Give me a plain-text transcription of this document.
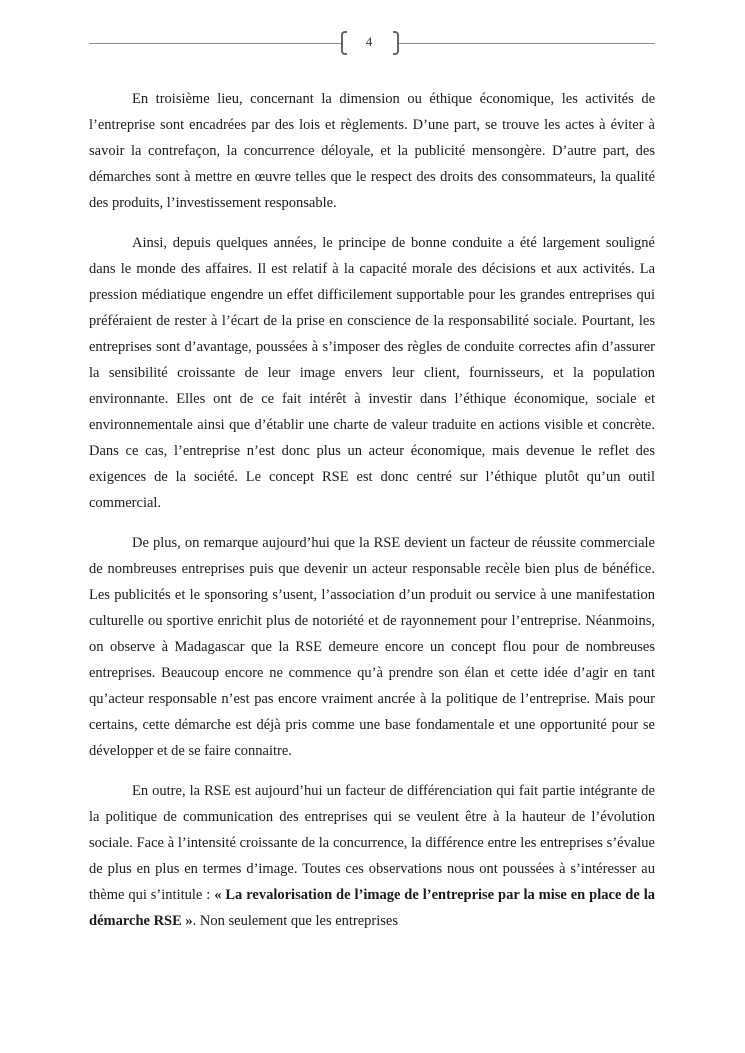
4

En troisième lieu, concernant la dimension ou éthique économique, les activités de l’entreprise sont encadrées par des lois et règlements. D’une part, se trouve les actes à éviter à savoir la contrefaçon, la concurrence déloyale, et la publicité mensongère. D’autre part, des démarches sont à mettre en œuvre telles que le respect des droits des consommateurs, la qualité des produits, l’investissement responsable.

Ainsi, depuis quelques années, le principe de bonne conduite a été largement souligné dans le monde des affaires. Il est relatif à la capacité morale des décisions et aux activités. La pression médiatique engendre un effet difficilement supportable pour les grandes entreprises qui préféraient de rester à l’écart de la prise en conscience de la responsabilité sociale. Pourtant, les entreprises sont d’avantage, poussées à s’imposer des règles de conduite correctes afin d’assurer la sensibilité croissante de leur image envers leur client, fournisseurs, et la population environnante. Elles ont de ce fait intérêt à investir dans l’éthique économique, sociale et environnementale ainsi que d’établir une charte de valeur traduite en actions visible et concrète. Dans ce cas, l’entreprise n’est donc plus un acteur économique, mais devenue le reflet des exigences de la société. Le concept RSE est donc centré sur l’éthique plutôt qu’un outil commercial.

De plus, on remarque aujourd’hui que la RSE devient un facteur de réussite commerciale de nombreuses entreprises puis que devenir un acteur responsable recèle bien plus de bénéfice. Les publicités et le sponsoring s’usent, l’association d’un produit ou service à une manifestation culturelle ou sportive enrichit plus de notoriété et de rayonnement pour l’entreprise. Néanmoins, on observe à Madagascar que la RSE demeure encore un concept flou pour de nombreuses entreprises. Beaucoup encore ne commence qu’à prendre son élan et cette idée d’agir en tant qu’acteur responsable n’est pas encore vraiment ancrée à la politique de l’entreprise. Mais pour certains, cette démarche est déjà pris comme une base fondamentale et une opportunité pour se développer et de se faire connaitre.

En outre, la RSE est aujourd’hui un facteur de différenciation qui fait partie intégrante de la politique de communication des entreprises qui se veulent être à la hauteur de l’évolution sociale. Face à l’intensité croissante de la concurrence, la différence entre les entreprises s’évalue de plus en plus en termes d’image. Toutes ces observations nous ont poussées à s’intéresser au thème qui s’intitule : « La revalorisation de l’image de l’entreprise par la mise en place de la démarche RSE ». Non seulement que les entreprises
